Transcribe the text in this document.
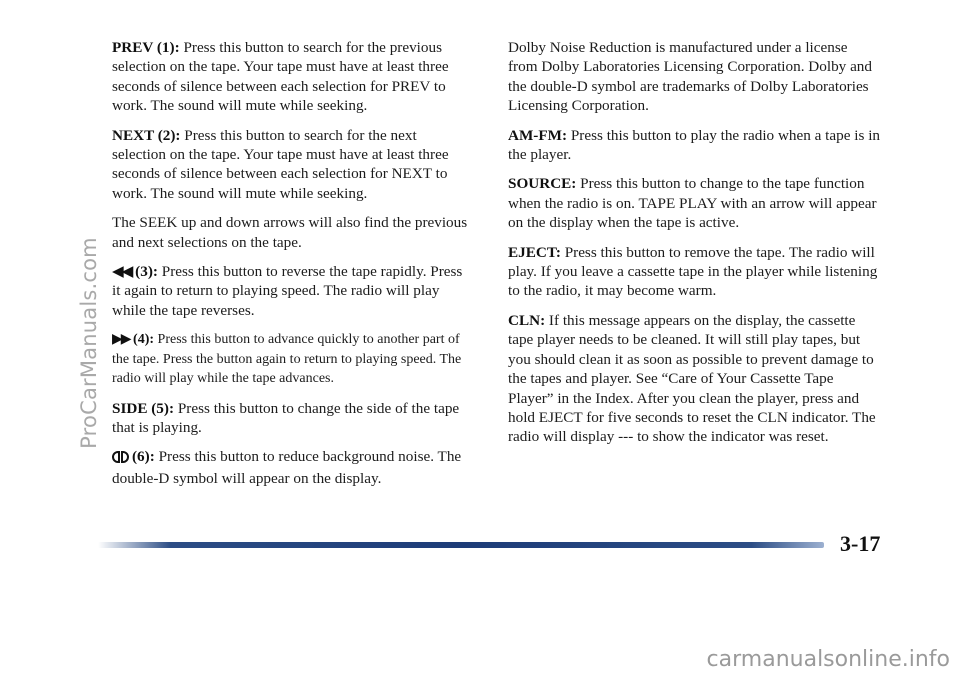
PREV (1): Press this button to search for the previous selection on the tape. Your tape must have at least three seconds of silence between each selection for PREV to work. The sound will mute while seeking.

NEXT (2): Press this button to search for the next selection on the tape. Your tape must have at least three seconds of silence between each selection for NEXT to work. The sound will mute while seeking.

The SEEK up and down arrows will also find the previous and next selections on the tape.

◀◀ (3): Press this button to reverse the tape rapidly. Press it again to return to playing speed. The radio will play while the tape reverses.

▶▶ (4): Press this button to advance quickly to another part of the tape. Press the button again to return to playing speed. The radio will play while the tape advances.

SIDE (5): Press this button to change the side of the tape that is playing.

(6): Press this button to reduce background noise. The double-D symbol will appear on the display.

Dolby Noise Reduction is manufactured under a license from Dolby Laboratories Licensing Corporation. Dolby and the double-D symbol are trademarks of Dolby Laboratories Licensing Corporation.

AM-FM: Press this button to play the radio when a tape is in the player.

SOURCE: Press this button to change to the tape function when the radio is on. TAPE PLAY with an arrow will appear on the display when the tape is active.

EJECT: Press this button to remove the tape. The radio will play. If you leave a cassette tape in the player while listening to the radio, it may become warm.

CLN: If this message appears on the display, the cassette tape player needs to be cleaned. It will still play tapes, but you should clean it as soon as possible to prevent damage to the tapes and player. See “Care of Your Cassette Tape Player” in the Index. After you clean the player, press and hold EJECT for five seconds to reset the CLN indicator. The radio will display --- to show the indicator was reset.

ProCarManuals.com
3-17
carmanualsonline.info
